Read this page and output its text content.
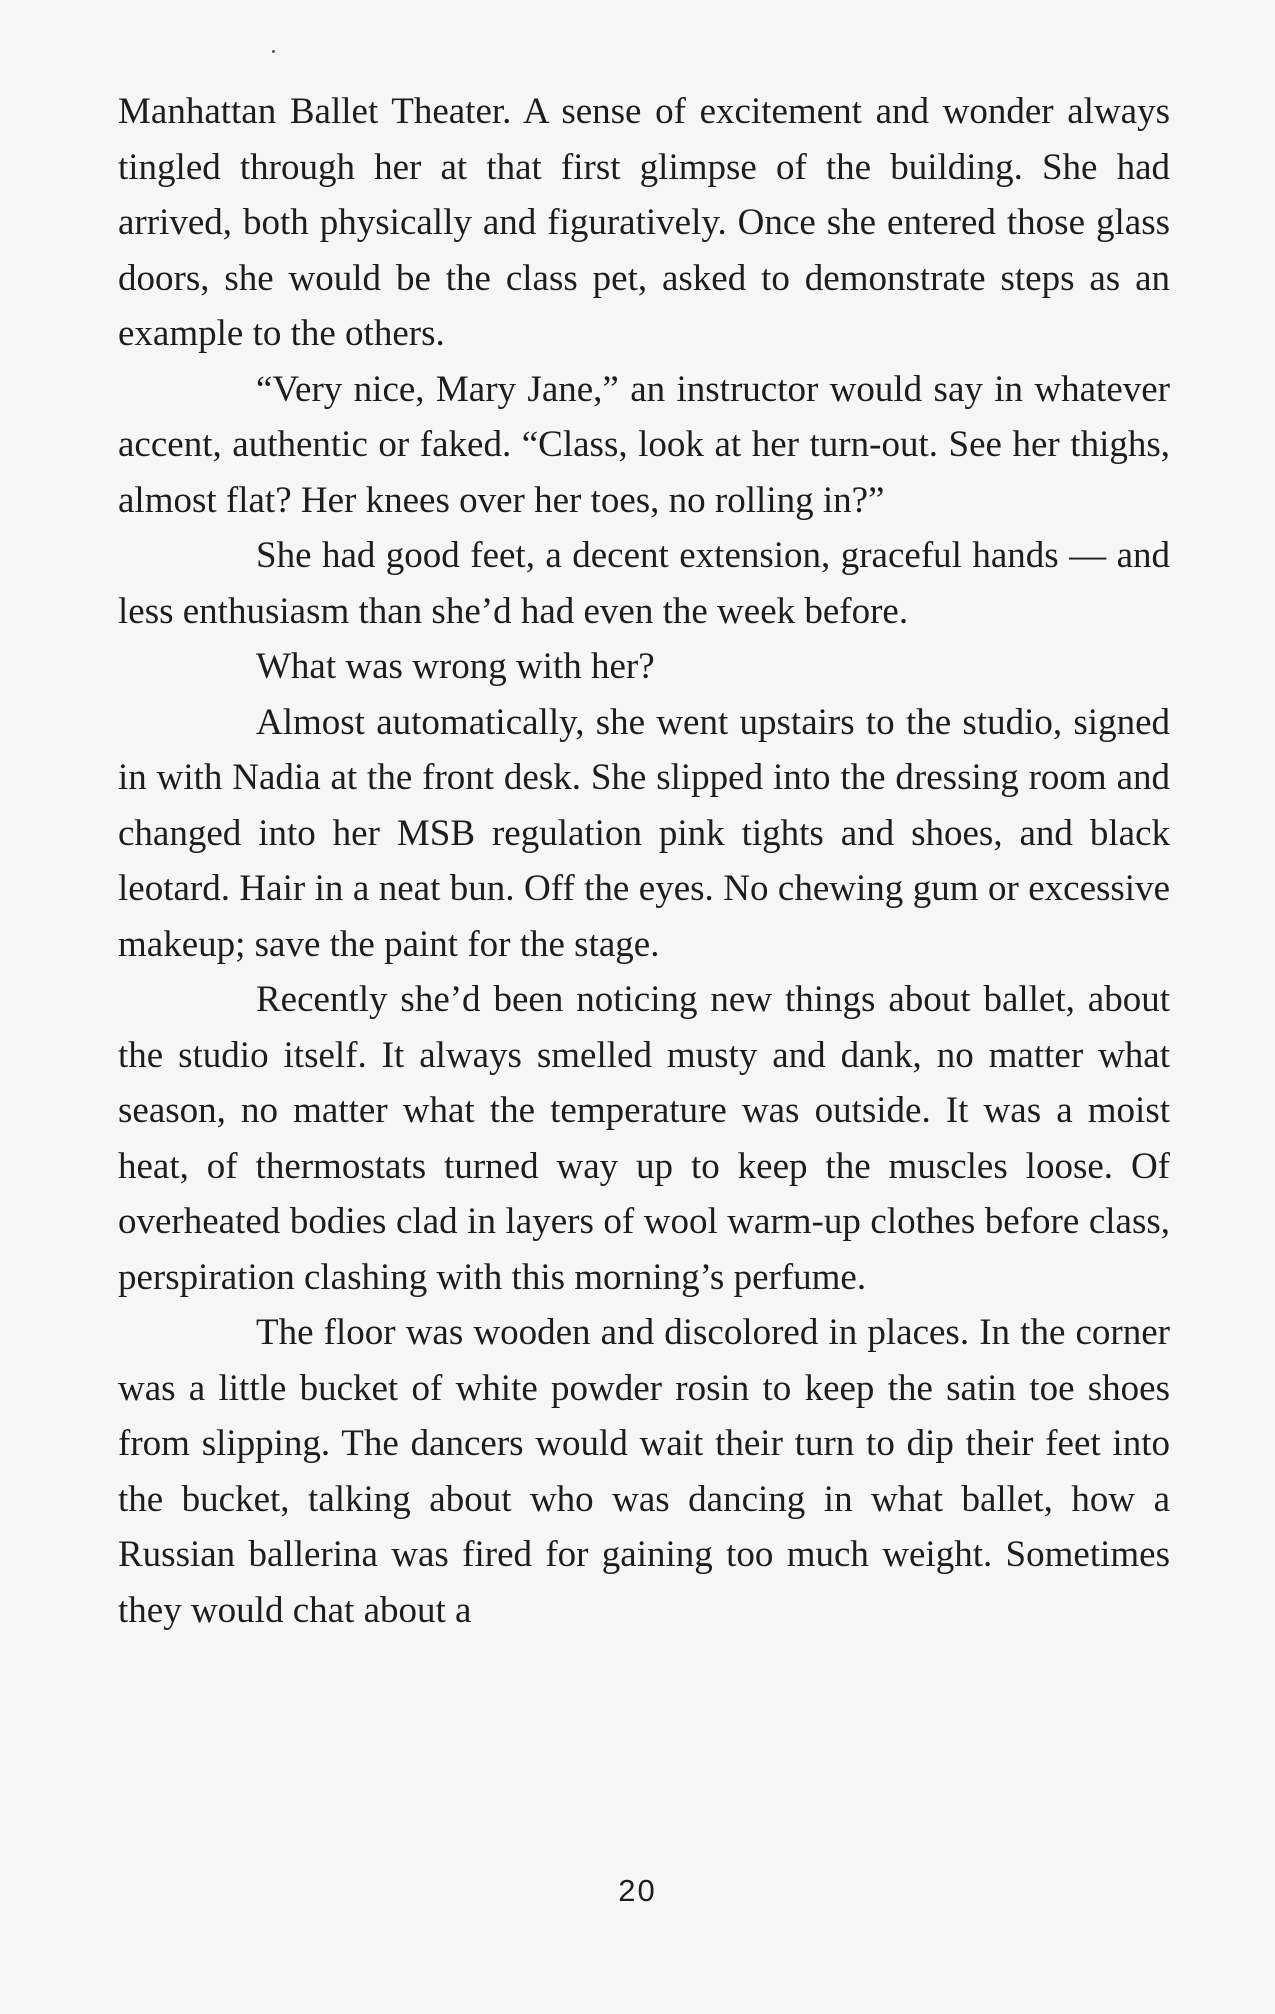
Manhattan Ballet Theater. A sense of excitement and wonder always tingled through her at that first glimpse of the building. She had arrived, both physically and figuratively. Once she entered those glass doors, she would be the class pet, asked to demonstrate steps as an example to the others.

“Very nice, Mary Jane,” an instructor would say in whatever accent, authentic or faked. “Class, look at her turn-out. See her thighs, almost flat? Her knees over her toes, no rolling in?”

She had good feet, a decent extension, graceful hands — and less enthusiasm than she’d had even the week before.

What was wrong with her?

Almost automatically, she went upstairs to the studio, signed in with Nadia at the front desk. She slipped into the dressing room and changed into her MSB regulation pink tights and shoes, and black leotard. Hair in a neat bun. Off the eyes. No chewing gum or excessive makeup; save the paint for the stage.

Recently she’d been noticing new things about ballet, about the studio itself. It always smelled musty and dank, no matter what season, no matter what the temperature was outside. It was a moist heat, of thermostats turned way up to keep the muscles loose. Of overheated bodies clad in layers of wool warm-up clothes before class, perspiration clashing with this morning’s perfume.

The floor was wooden and discolored in places. In the corner was a little bucket of white powder rosin to keep the satin toe shoes from slipping. The dancers would wait their turn to dip their feet into the bucket, talking about who was dancing in what ballet, how a Russian ballerina was fired for gaining too much weight. Sometimes they would chat about a

20
